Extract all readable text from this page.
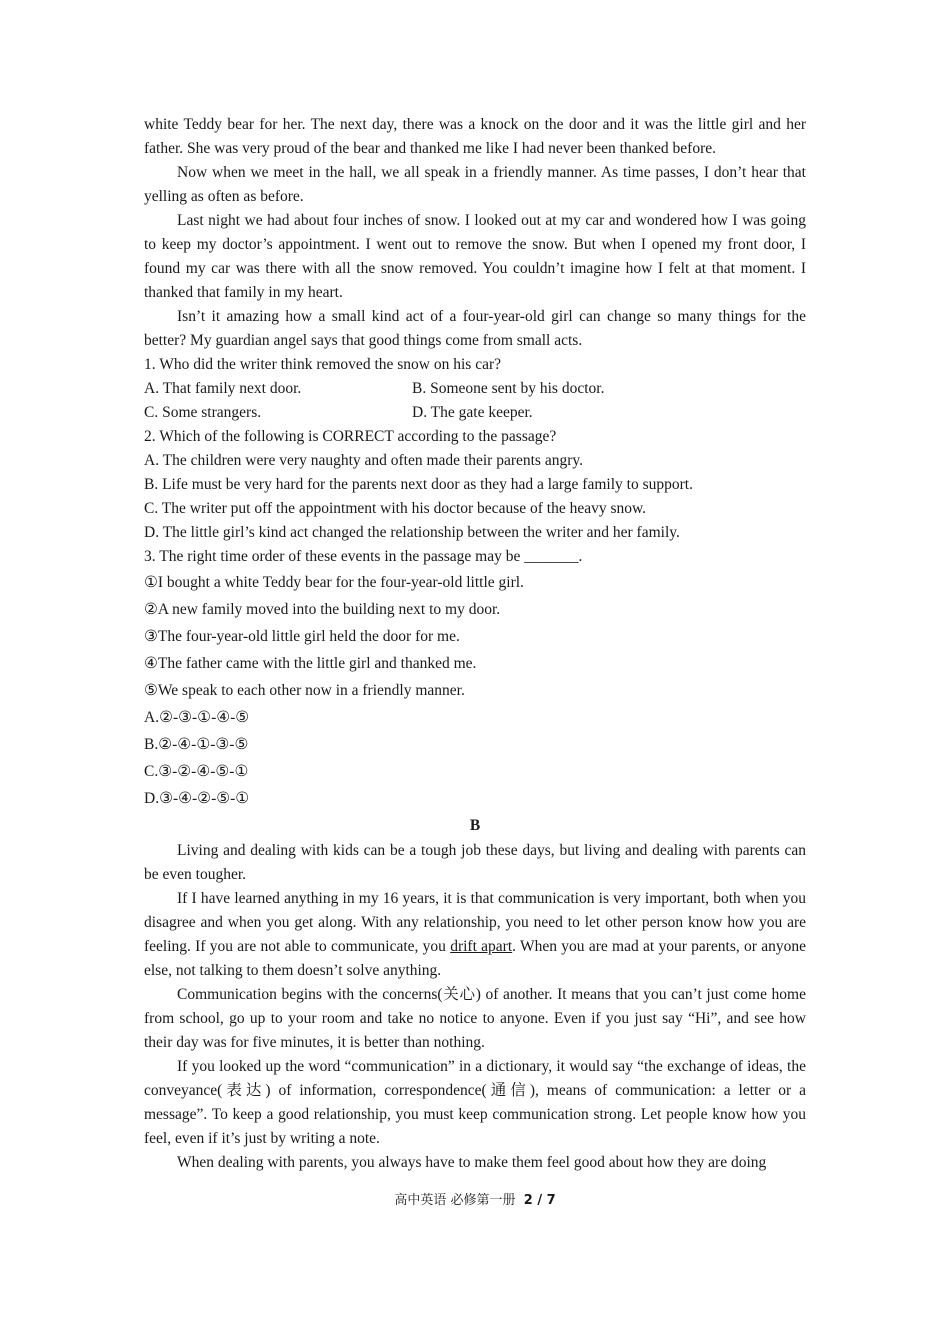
white Teddy bear for her. The next day, there was a knock on the door and it was the little girl and her father. She was very proud of the bear and thanked me like I had never been thanked before.

Now when we meet in the hall, we all speak in a friendly manner. As time passes, I don’t hear that yelling as often as before.

Last night we had about four inches of snow. I looked out at my car and wondered how I was going to keep my doctor’s appointment. I went out to remove the snow. But when I opened my front door, I found my car was there with all the snow removed. You couldn’t imagine how I felt at that moment. I thanked that family in my heart.

Isn’t it amazing how a small kind act of a four-year-old girl can change so many things for the better? My guardian angel says that good things come from small acts.

1. Who did the writer think removed the snow on his car?

A. That family next door.	B. Someone sent by his doctor.
C. Some strangers.	D. The gate keeper.

2. Which of the following is CORRECT according to the passage?

A. The children were very naughty and often made their parents angry.

B. Life must be very hard for the parents next door as they had a large family to support.

C. The writer put off the appointment with his doctor because of the heavy snow.

D. The little girl’s kind act changed the relationship between the writer and her family.

3. The right time order of these events in the passage may be _______.

①I bought a white Teddy bear for the four-year-old little girl.

②A new family moved into the building next to my door.

③The four-year-old little girl held the door for me.

④The father came with the little girl and thanked me.

⑤We speak to each other now in a friendly manner.

A.②-③-①-④-⑤

B.②-④-①-③-⑤

C.③-②-④-⑤-①

D.③-④-②-⑤-①

B

Living and dealing with kids can be a tough job these days, but living and dealing with parents can be even tougher.

If I have learned anything in my 16 years, it is that communication is very important, both when you disagree and when you get along. With any relationship, you need to let other person know how you are feeling. If you are not able to communicate, you drift apart. When you are mad at your parents, or anyone else, not talking to them doesn’t solve anything.

Communication begins with the concerns(关心) of another. It means that you can’t just come home from school, go up to your room and take no notice to anyone. Even if you just say “Hi”, and see how their day was for five minutes, it is better than nothing.

If you looked up the word “communication” in a dictionary, it would say “the exchange of ideas, the conveyance(表达) of information, correspondence(通信), means of communication: a letter or a message”. To keep a good relationship, you must keep communication strong. Let people know how you feel, even if it’s just by writing a note.

When dealing with parents, you always have to make them feel good about how they are doing

高中英语 必修第一册 2 / 7
